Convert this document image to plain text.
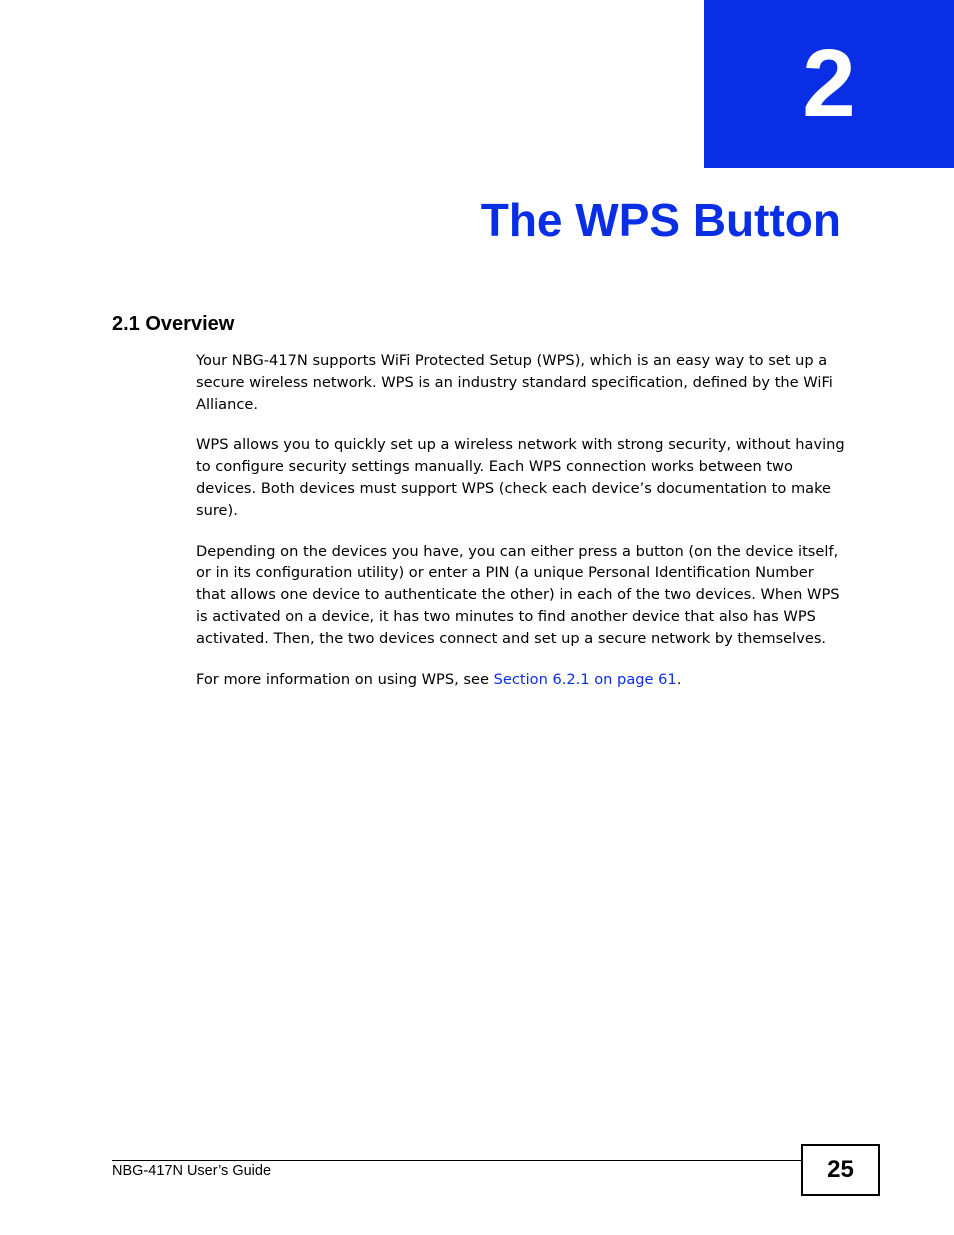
2
The WPS Button
2.1 Overview

Your NBG-417N supports WiFi Protected Setup (WPS), which is an easy way to set up a secure wireless network. WPS is an industry standard specification, defined by the WiFi Alliance.

WPS allows you to quickly set up a wireless network with strong security, without having to configure security settings manually. Each WPS connection works between two devices. Both devices must support WPS (check each device’s documentation to make sure).

Depending on the devices you have, you can either press a button (on the device itself, or in its configuration utility) or enter a PIN (a unique Personal Identification Number that allows one device to authenticate the other) in each of the two devices. When WPS is activated on a device, it has two minutes to find another device that also has WPS activated. Then, the two devices connect and set up a secure network by themselves.

For more information on using WPS, see Section 6.2.1 on page 61.

NBG-417N User’s Guide	25
